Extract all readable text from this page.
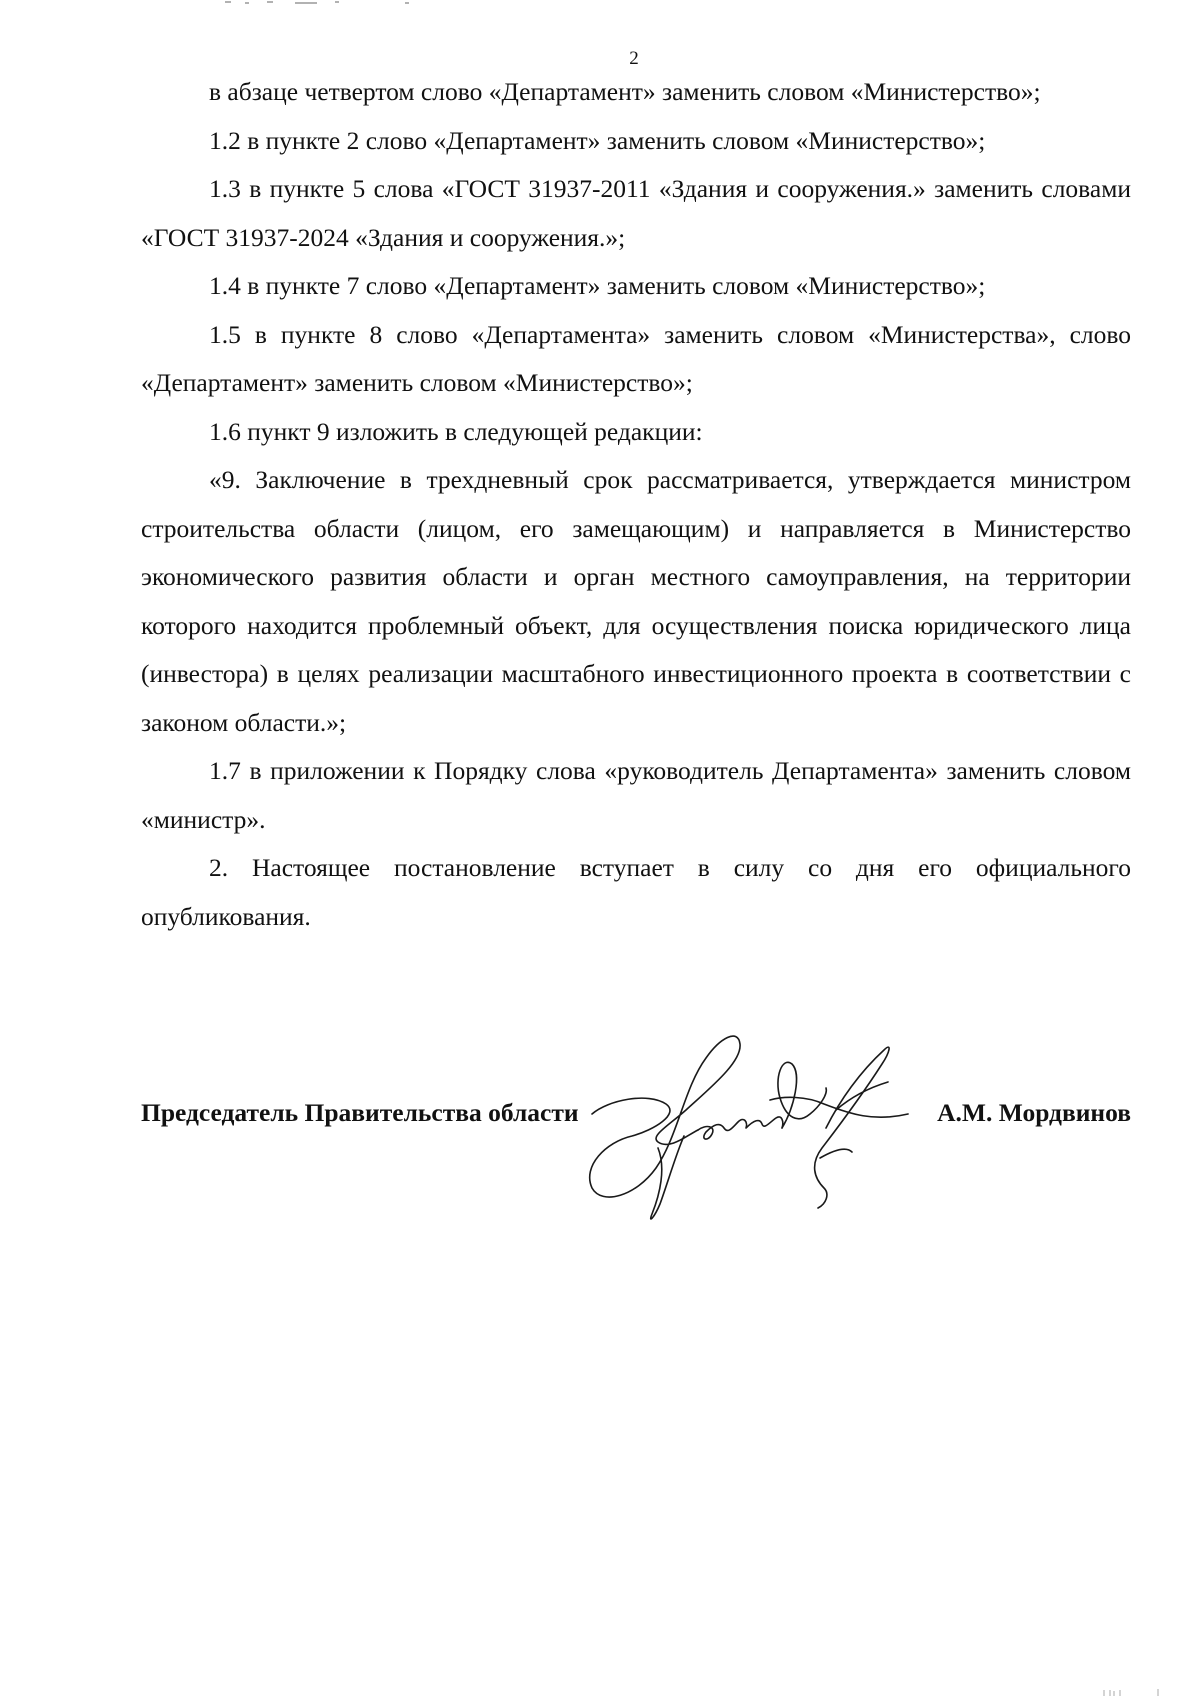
2

в абзаце четвертом слово «Департамент» заменить словом «Министерство»;

1.2 в пункте 2 слово «Департамент» заменить словом «Министерство»;

1.3 в пункте 5 слова «ГОСТ 31937-2011 «Здания и сооружения.» заменить словами «ГОСТ 31937-2024 «Здания и сооружения.»;

1.4 в пункте 7 слово «Департамент» заменить словом «Министерство»;

1.5 в пункте 8 слово «Департамента» заменить словом «Министерства», слово «Департамент» заменить словом «Министерство»;

1.6 пункт 9 изложить в следующей редакции:

«9. Заключение в трехдневный срок рассматривается, утверждается министром строительства области (лицом, его замещающим) и направляется в Министерство экономического развития области и орган местного самоуправления, на территории которого находится проблемный объект, для осуществления поиска юридического лица (инвестора) в целях реализации масштабного инвестиционного проекта в соответствии с законом области.»;

1.7 в приложении к Порядку слова «руководитель Департамента» заменить словом «министр».

2. Настоящее постановление вступает в силу со дня его официального опубликования.

Председатель Правительства области	А.М. Мордвинов
